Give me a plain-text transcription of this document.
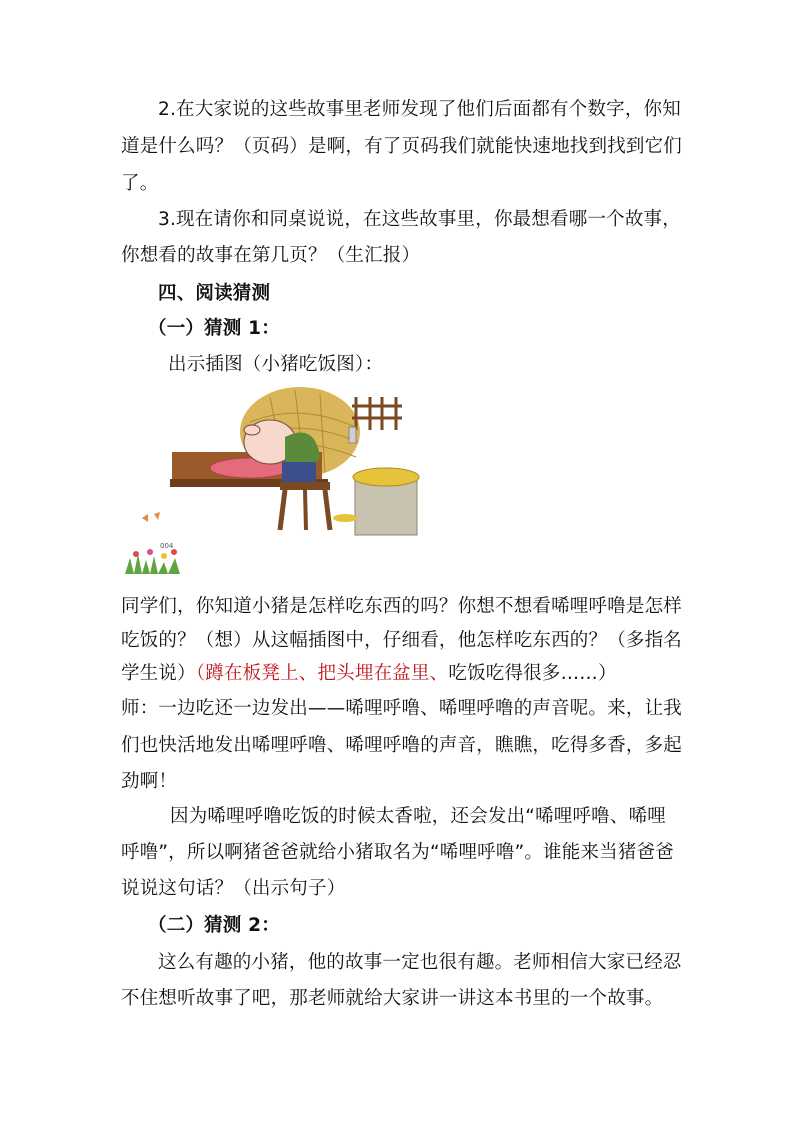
2.在大家说的这些故事里老师发现了他们后面都有个数字，你知
道是什么吗？（页码）是啊，有了页码我们就能快速地找到找到它们
了。
3.现在请你和同桌说说，在这些故事里，你最想看哪一个故事，
你想看的故事在第几页？（生汇报）
四、阅读猜测
（一）猜测 1：
出示插图（小猪吃饭图）：
004
同学们，你知道小猪是怎样吃东西的吗？你想不想看唏哩呼噜是怎样
吃饭的？（想）从这幅插图中，仔细看，他怎样吃东西的？（多指名
学生说）（蹲在板凳上、把头埋在盆里、吃饭吃得很多……）
师：一边吃还一边发出——唏哩呼噜、唏哩呼噜的声音呢。来，让我
们也快活地发出唏哩呼噜、唏哩呼噜的声音，瞧瞧，吃得多香，多起
劲啊！
因为唏哩呼噜吃饭的时候太香啦，还会发出“唏哩呼噜、唏哩
呼噜”，所以啊猪爸爸就给小猪取名为“唏哩呼噜”。谁能来当猪爸爸
说说这句话？（出示句子）
（二）猜测 2：
这么有趣的小猪，他的故事一定也很有趣。老师相信大家已经忍
不住想听故事了吧，那老师就给大家讲一讲这本书里的一个故事。
